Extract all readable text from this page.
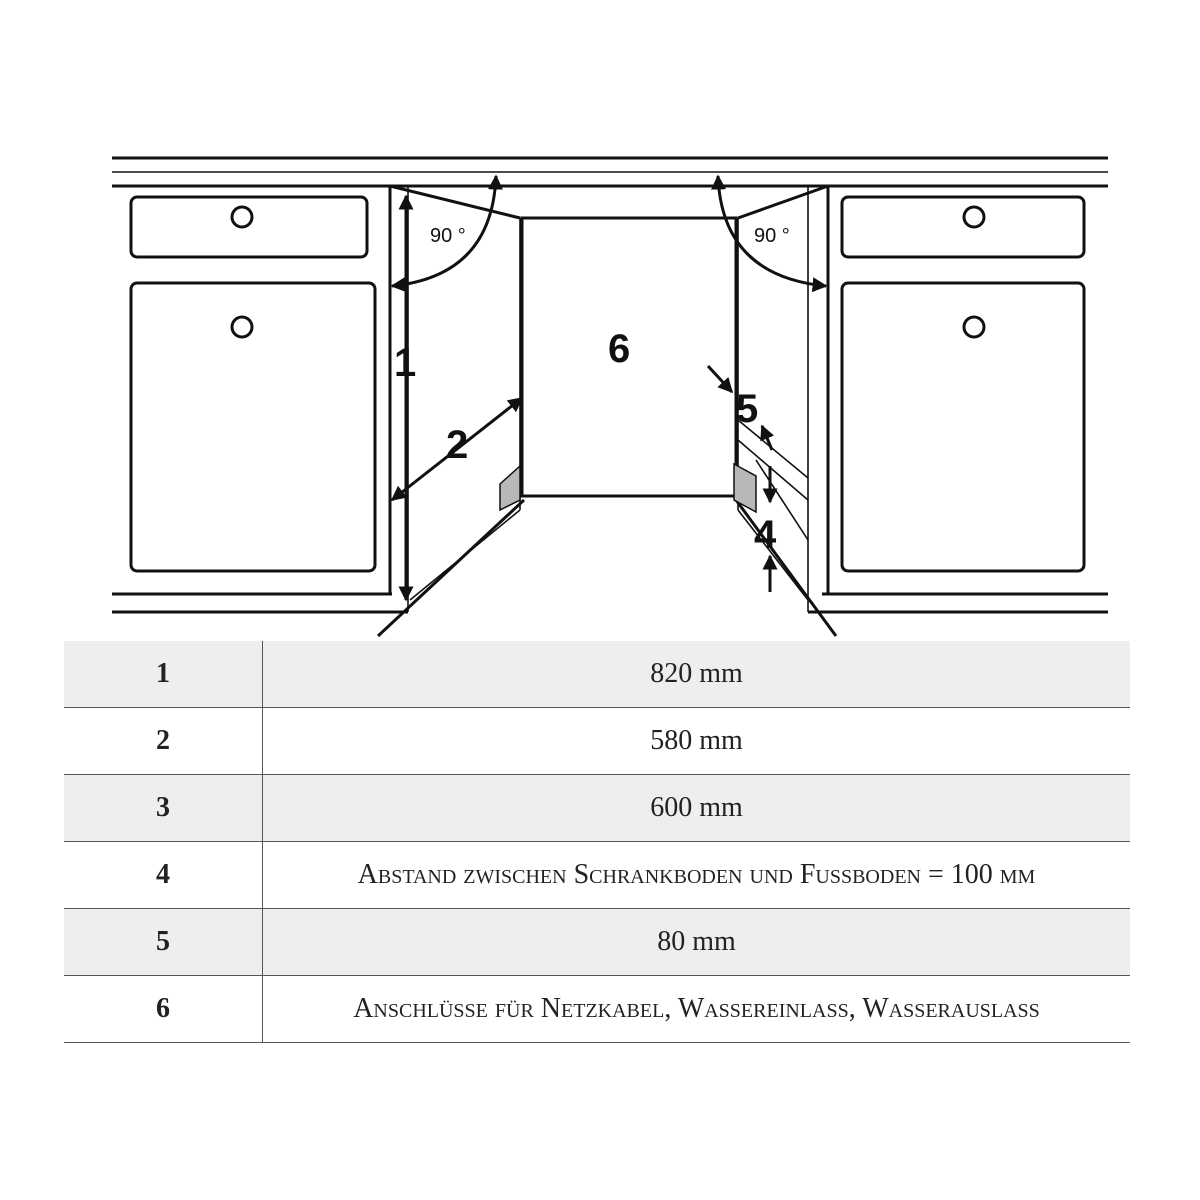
90 °	90 °
1
2
6
5
4
1	820 mm
2	580 mm
3	600 mm
4	Abstand zwischen Schrankboden und Fußboden = 100 mm
5	80 mm
6	Anschlüsse für Netzkabel, Wassereinlass, Wasserauslass
